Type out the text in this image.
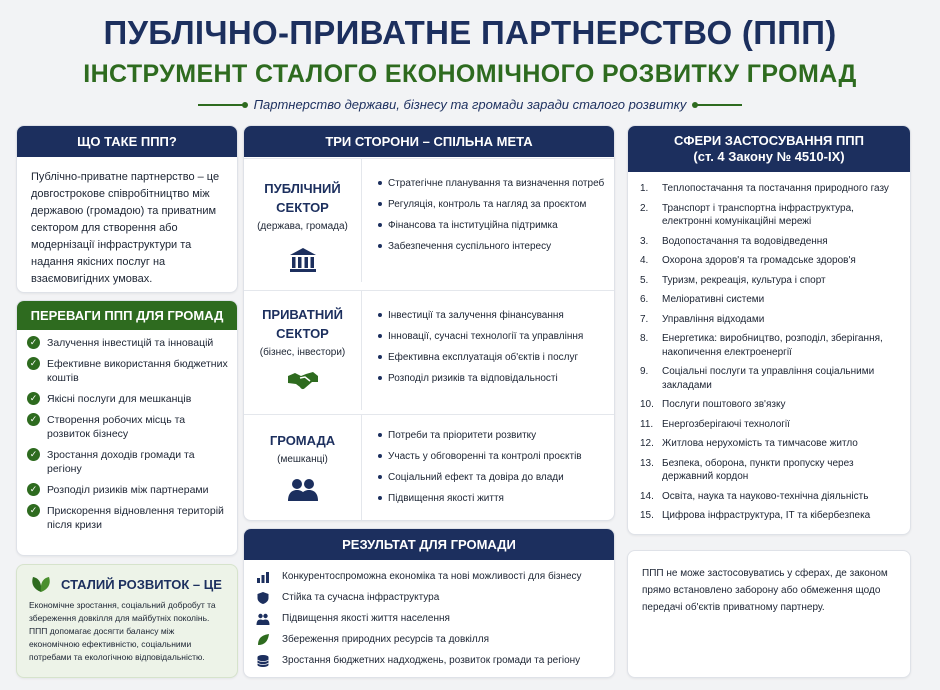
ПУБЛІЧНО-ПРИВАТНЕ ПАРТНЕРСТВО (ППП)
ІНСТРУМЕНТ СТАЛОГО ЕКОНОМІЧНОГО РОЗВИТКУ ГРОМАД
Партнерство держави, бізнесу та громади заради сталого розвитку
ЩО ТАКЕ ППП?
Публічно-приватне партнерство – це довгострокове співробітництво між державою (громадою) та приватним сектором для створення або модернізації інфраструктури та надання якісних послуг на взаємовигідних умовах.
ПЕРЕВАГИ ППП ДЛЯ ГРОМАД
✓ Залучення інвестицій та інновацій
✓ Ефективне використання бюджетних коштів
✓ Якісні послуги для мешканців
✓ Створення робочих місць та розвиток бізнесу
✓ Зростання доходів громади та регіону
✓ Розподіл ризиків між партнерами
✓ Прискорення відновлення територій після кризи
СТАЛИЙ РОЗВИТОК – ЦЕ
Економічне зростання, соціальний добробут та збереження довкілля для майбутніх поколінь. ППП допомагає досягти балансу між економічною ефективністю, соціальними потребами та екологічною відповідальністю.
ТРИ СТОРОНИ – СПІЛЬНА МЕТА
ПУБЛІЧНИЙ СЕКТОР
(держава, громада)
Стратегічне планування та визначення потреб
Регуляція, контроль та нагляд за проєктом
Фінансова та інституційна підтримка
Забезпечення суспільного інтересу
ПРИВАТНИЙ СЕКТОР
(бізнес, інвестори)
Інвестиції та залучення фінансування
Інновації, сучасні технології та управління
Ефективна експлуатація об'єктів і послуг
Розподіл ризиків та відповідальності
ГРОМАДА
(мешканці)
Потреби та пріоритети розвитку
Участь у обговоренні та контролі проєктів
Соціальний ефект та довіра до влади
Підвищення якості життя
РЕЗУЛЬТАТ ДЛЯ ГРОМАДИ
Конкурентоспроможна економіка та нові можливості для бізнесу
Стійка та сучасна інфраструктура
Підвищення якості життя населення
Збереження природних ресурсів та довкілля
Зростання бюджетних надходжень, розвиток громади та регіону
СФЕРИ ЗАСТОСУВАННЯ ППП
(ст. 4 Закону № 4510-IX)
1.	Теплопостачання та постачання природного газу
2.	Транспорт і транспортна інфраструктура, електронні комунікаційні мережі
3.	Водопостачання та водовідведення
4.	Охорона здоров'я та громадське здоров'я
5.	Туризм, рекреація, культура і спорт
6.	Меліоративні системи
7.	Управління відходами
8.	Енергетика: виробництво, розподіл, зберігання, накопичення електроенергії
9.	Соціальні послуги та управління соціальними закладами
10. Послуги поштового зв'язку
11. Енергозберігаючі технології
12. Житлова нерухомість та тимчасове житло
13. Безпека, оборона, пункти пропуску через державний кордон
14. Освіта, наука та науково-технічна діяльність
15. Цифрова інфраструктура, ІТ та кібербезпека
ППП не може застосовуватись у сферах, де законом прямо встановлено заборону або обмеження щодо передачі об'єктів приватному партнеру.
